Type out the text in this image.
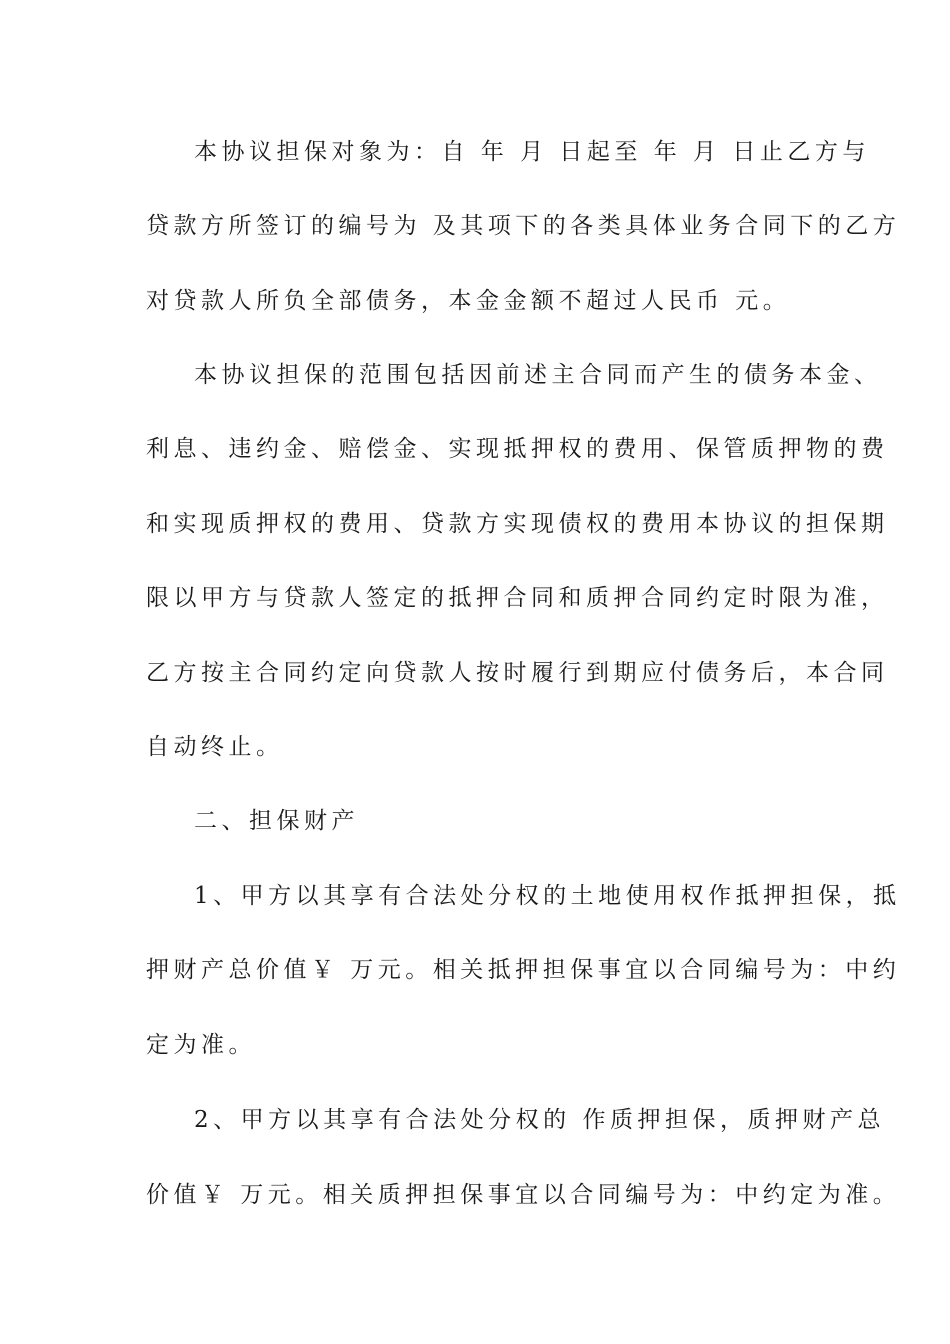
本协议担保对象为：自 年 月 日起至 年 月 日止乙方与
贷款方所签订的编号为 及其项下的各类具体业务合同下的乙方
对贷款人所负全部债务，本金金额不超过人民币 元。
本协议担保的范围包括因前述主合同而产生的债务本金、
利息、违约金、赔偿金、实现抵押权的费用、保管质押物的费
和实现质押权的费用、贷款方实现债权的费用本协议的担保期
限以甲方与贷款人签定的抵押合同和质押合同约定时限为准，
乙方按主合同约定向贷款人按时履行到期应付债务后，本合同
自动终止。
二、担保财产
1、甲方以其享有合法处分权的土地使用权作抵押担保，抵
押财产总价值￥ 万元。相关抵押担保事宜以合同编号为：中约
定为准。
2、甲方以其享有合法处分权的 作质押担保，质押财产总
价值￥ 万元。相关质押担保事宜以合同编号为：中约定为准。
